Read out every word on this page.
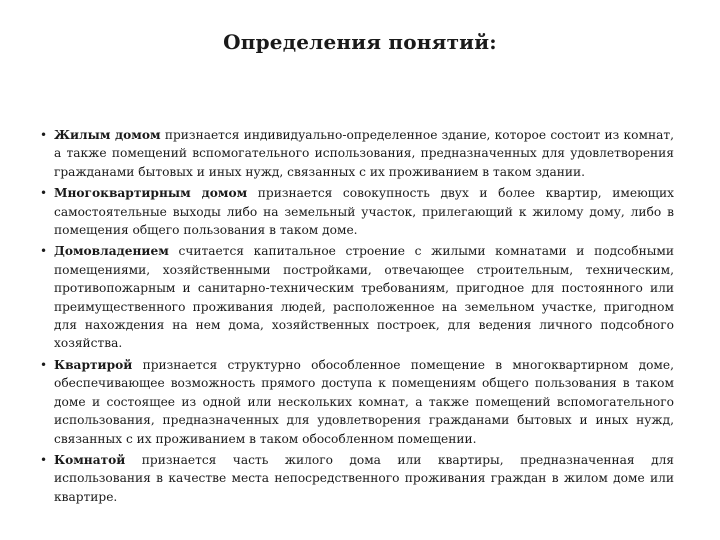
Определения понятий:
• Жилым домом признается индивидуально-определенное здание, которое состоит из комнат, а также помещений вспомогательного использования, предназначенных для удовлетворения гражданами бытовых и иных нужд, связанных с их проживанием в таком здании.
• Многоквартирным домом признается совокупность двух и более квартир, имеющих самостоятельные выходы либо на земельный участок, прилегающий к жилому дому, либо в помещения общего пользования в таком доме.
• Домовладением считается капитальное строение с жилыми комнатами и подсобными помещениями, хозяйственными постройками, отвечающее строительным, техническим, противопожарным и санитарно-техническим требованиям, пригодное для постоянного или преимущественного проживания людей, расположенное на земельном участке, пригодном для нахождения на нем дома, хозяйственных построек, для ведения личного подсобного хозяйства.
• Квартирой признается структурно обособленное помещение в многоквартирном доме, обеспечивающее возможность прямого доступа к помещениям общего пользования в таком доме и состоящее из одной или нескольких комнат, а также помещений вспомогательного использования, предназначенных для удовлетворения гражданами бытовых и иных нужд, связанных с их проживанием в таком обособленном помещении.
• Комнатой признается часть жилого дома или квартиры, предназначенная для использования в качестве места непосредственного проживания граждан в жилом доме или квартире.
